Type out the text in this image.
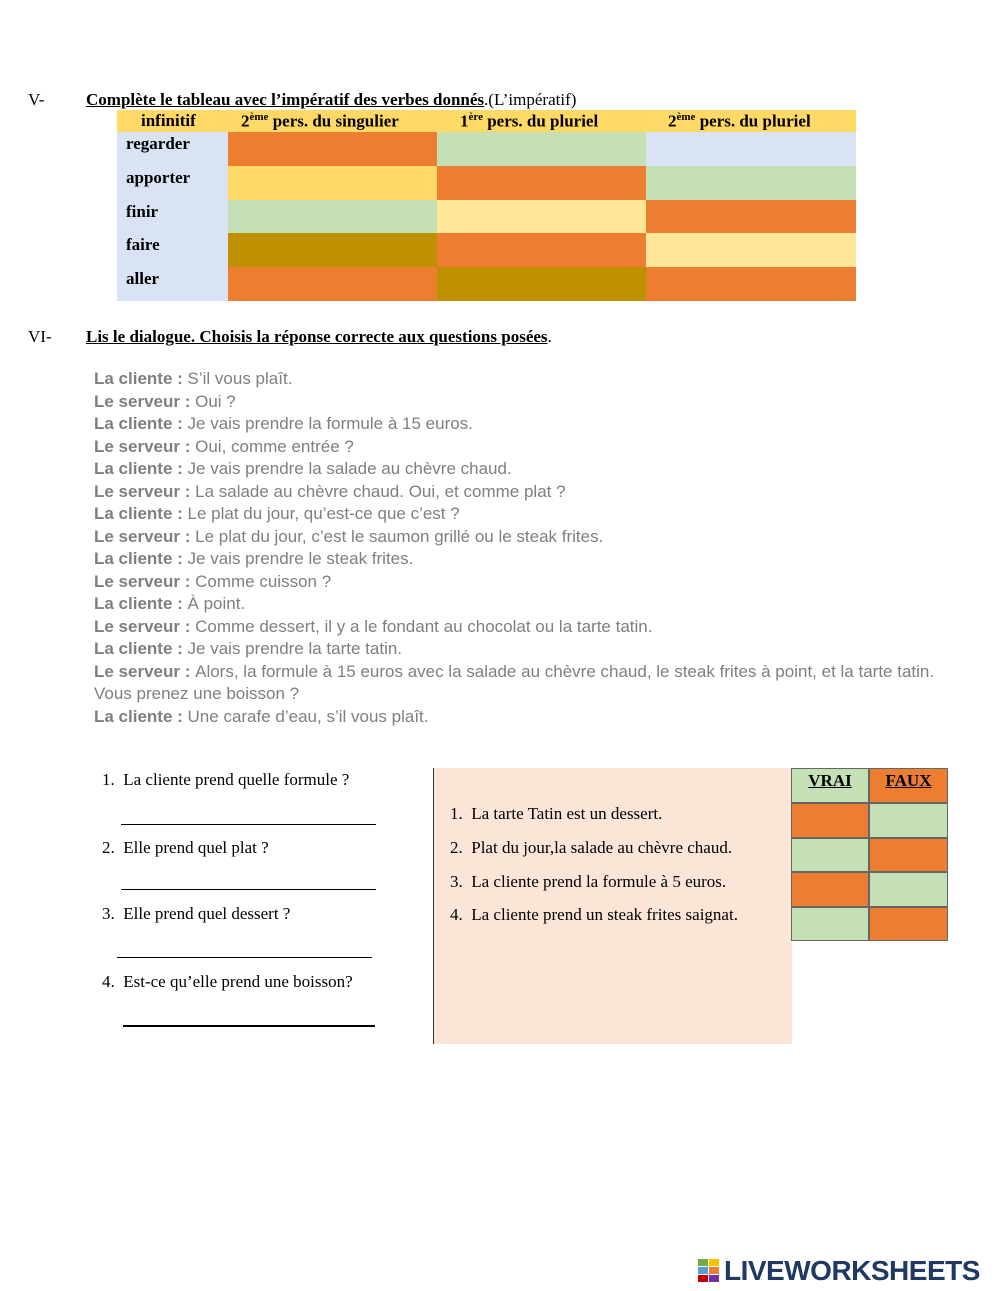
V- Complète le tableau avec l’impératif des verbes donnés.(L’impératif)
infinitif	2ème pers. du singulier	1ère pers. du pluriel	2ème pers. du pluriel
regarder
apporter
finir
faire
aller
VI- Lis le dialogue. Choisis la réponse correcte aux questions posées.
La cliente : S’il vous plaît.
Le serveur : Oui ?
La cliente : Je vais prendre la formule à 15 euros.
Le serveur : Oui, comme entrée ?
La cliente : Je vais prendre la salade au chèvre chaud.
Le serveur : La salade au chèvre chaud. Oui, et comme plat ?
La cliente : Le plat du jour, qu’est-ce que c’est ?
Le serveur : Le plat du jour, c’est le saumon grillé ou le steak frites.
La cliente : Je vais prendre le steak frites.
Le serveur : Comme cuisson ?
La cliente : À point.
Le serveur : Comme dessert, il y a le fondant au chocolat ou la tarte tatin.
La cliente : Je vais prendre la tarte tatin.
Le serveur : Alors, la formule à 15 euros avec la salade au chèvre chaud, le steak frites à point, et la tarte tatin. Vous prenez une boisson ?
La cliente : Une carafe d’eau, s’il vous plaît.
1. La cliente prend quelle formule ?
2. Elle prend quel plat ?
3. Elle prend quel dessert ?
4. Est-ce qu’elle prend une boisson?
1. La tarte Tatin est un dessert.
2. Plat du jour,la salade au chèvre chaud.
3. La cliente prend la formule à 5 euros.
4. La cliente prend un steak frites saignat.
VRAI	FAUX
LIVEWORKSHEETS
